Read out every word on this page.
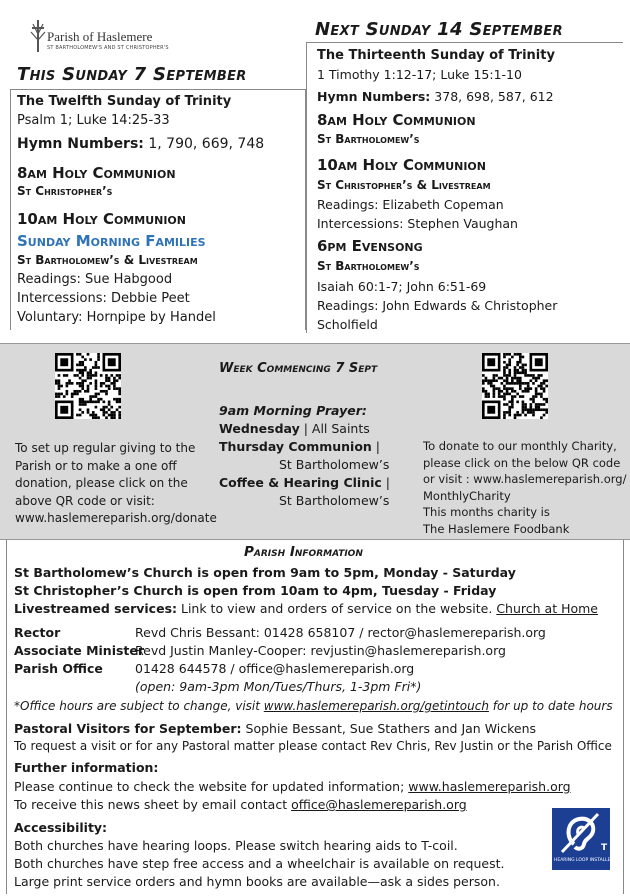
Parish of Haslemere
ST BARTHOLOMEW'S AND ST CHRISTOPHER'S
This Sunday 7 September
The Twelfth Sunday of Trinity
Psalm 1; Luke 14:25-33
Hymn Numbers: 1, 790, 669, 748
8am Holy Communion
St Christopher’s
10am Holy Communion
Sunday Morning Families
St Bartholomew’s & Livestream
Readings: Sue Habgood
Intercessions: Debbie Peet
Voluntary: Hornpipe by Handel
Next Sunday 14 September
The Thirteenth Sunday of Trinity
1 Timothy 1:12-17; Luke 15:1-10
Hymn Numbers: 378, 698, 587, 612
8am Holy Communion
St Bartholomew’s
10am Holy Communion
St Christopher’s & Livestream
Readings: Elizabeth Copeman
Intercessions: Stephen Vaughan
6pm Evensong
St Bartholomew’s
Isaiah 60:1-7; John 6:51-69
Readings: John Edwards & Christopher
Scholfield
To set up regular giving to the
Parish or to make a one off
donation, please click on the
above QR code or visit:
www.haslemereparish.org/donate
Week Commencing 7 Sept
9am Morning Prayer:
Wednesday | All Saints
Thursday Communion |
St Bartholomew’s
Coffee & Hearing Clinic |
St Bartholomew’s
To donate to our monthly Charity,
please click on the below QR code
or visit : www.haslemereparish.org/
MonthlyCharity
This months charity is
The Haslemere Foodbank
Parish Information
St Bartholomew’s Church is open from 9am to 5pm, Monday - Saturday
St Christopher’s Church is open from 10am to 4pm, Tuesday - Friday
Livestreamed services: Link to view and orders of service on the website. Church at Home
Rector	Revd Chris Bessant: 01428 658107 / rector@haslemereparish.org
Associate Minister
Revd Justin Manley-Cooper: revjustin@haslemereparish.org
Parish Office	01428 644578 / office@haslemereparish.org
(open: 9am-3pm Mon/Tues/Thurs, 1-3pm Fri*)
*Office hours are subject to change, visit www.haslemereparish.org/getintouch for up to date hours
Pastoral Visitors for September: Sophie Bessant, Sue Stathers and Jan Wickens
To request a visit or for any Pastoral matter please contact Rev Chris, Rev Justin or the Parish Office
Further information:
Please continue to check the website for updated information; www.haslemereparish.org
To receive this news sheet by email contact office@haslemereparish.org
Accessibility:
Both churches have hearing loops. Please switch hearing aids to T-coil.
Both churches have step free access and a wheelchair is available on request.
Large print service orders and hymn books are available—ask a sides person.
T
HEARING LOOP INSTALLED
